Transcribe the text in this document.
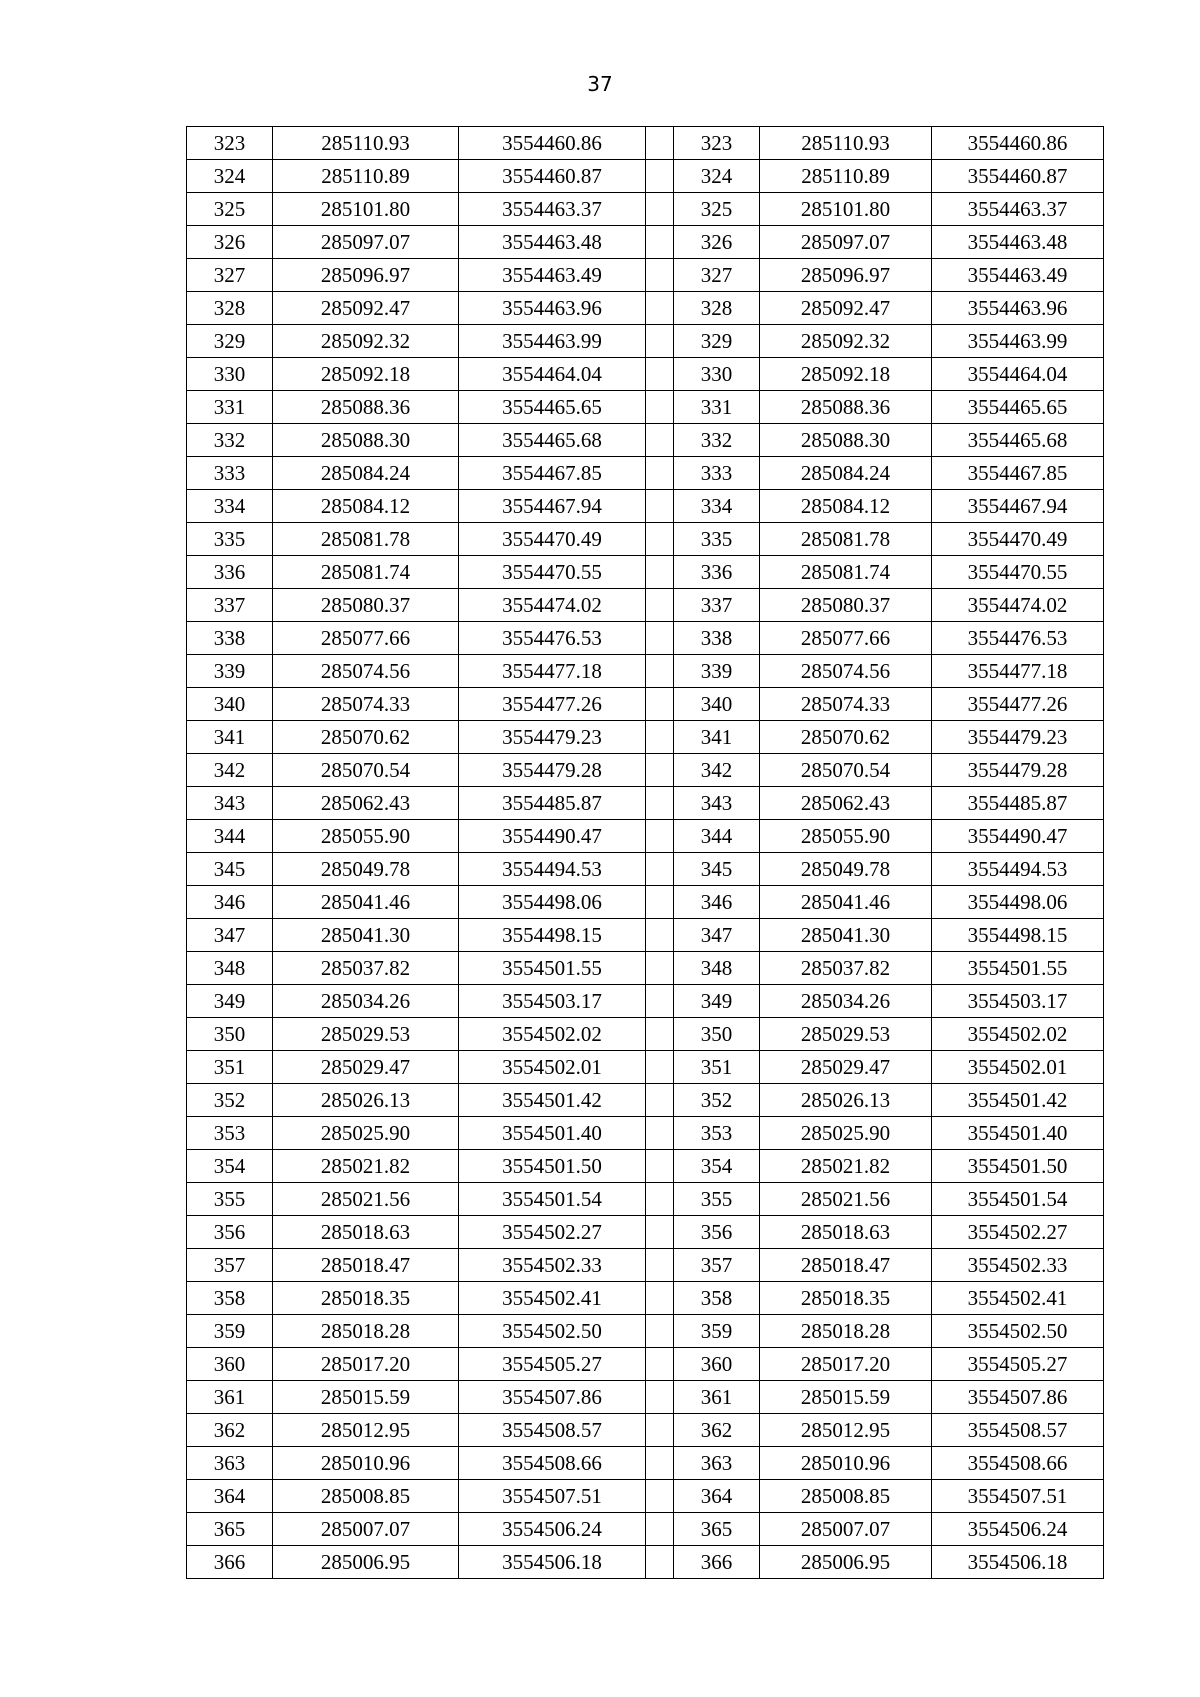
37
323	285110.93	3554460.86		323	285110.93	3554460.86
324	285110.89	3554460.87		324	285110.89	3554460.87
325	285101.80	3554463.37		325	285101.80	3554463.37
326	285097.07	3554463.48		326	285097.07	3554463.48
327	285096.97	3554463.49		327	285096.97	3554463.49
328	285092.47	3554463.96		328	285092.47	3554463.96
329	285092.32	3554463.99		329	285092.32	3554463.99
330	285092.18	3554464.04		330	285092.18	3554464.04
331	285088.36	3554465.65		331	285088.36	3554465.65
332	285088.30	3554465.68		332	285088.30	3554465.68
333	285084.24	3554467.85		333	285084.24	3554467.85
334	285084.12	3554467.94		334	285084.12	3554467.94
335	285081.78	3554470.49		335	285081.78	3554470.49
336	285081.74	3554470.55		336	285081.74	3554470.55
337	285080.37	3554474.02		337	285080.37	3554474.02
338	285077.66	3554476.53		338	285077.66	3554476.53
339	285074.56	3554477.18		339	285074.56	3554477.18
340	285074.33	3554477.26		340	285074.33	3554477.26
341	285070.62	3554479.23		341	285070.62	3554479.23
342	285070.54	3554479.28		342	285070.54	3554479.28
343	285062.43	3554485.87		343	285062.43	3554485.87
344	285055.90	3554490.47		344	285055.90	3554490.47
345	285049.78	3554494.53		345	285049.78	3554494.53
346	285041.46	3554498.06		346	285041.46	3554498.06
347	285041.30	3554498.15		347	285041.30	3554498.15
348	285037.82	3554501.55		348	285037.82	3554501.55
349	285034.26	3554503.17		349	285034.26	3554503.17
350	285029.53	3554502.02		350	285029.53	3554502.02
351	285029.47	3554502.01		351	285029.47	3554502.01
352	285026.13	3554501.42		352	285026.13	3554501.42
353	285025.90	3554501.40		353	285025.90	3554501.40
354	285021.82	3554501.50		354	285021.82	3554501.50
355	285021.56	3554501.54		355	285021.56	3554501.54
356	285018.63	3554502.27		356	285018.63	3554502.27
357	285018.47	3554502.33		357	285018.47	3554502.33
358	285018.35	3554502.41		358	285018.35	3554502.41
359	285018.28	3554502.50		359	285018.28	3554502.50
360	285017.20	3554505.27		360	285017.20	3554505.27
361	285015.59	3554507.86		361	285015.59	3554507.86
362	285012.95	3554508.57		362	285012.95	3554508.57
363	285010.96	3554508.66		363	285010.96	3554508.66
364	285008.85	3554507.51		364	285008.85	3554507.51
365	285007.07	3554506.24		365	285007.07	3554506.24
366	285006.95	3554506.18		366	285006.95	3554506.18
